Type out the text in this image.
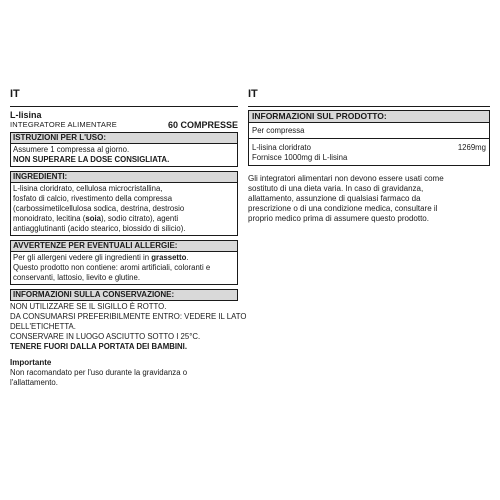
IT
L-lisina
INTEGRATORE ALIMENTARE	60 COMPRESSE
ISTRUZIONI PER L'USO:
Assumere 1 compressa al giorno.
NON SUPERARE LA DOSE CONSIGLIATA.
INGREDIENTI:
L-lisina cloridrato, cellulosa microcristallina,
fosfato di calcio, rivestimento della compressa
(carbossimetilcellulosa sodica, destrina, destrosio
monoidrato, lecitina (soia), sodio citrato), agenti
antiagglutinanti (acido stearico, biossido di silicio).
AVVERTENZE PER EVENTUALI ALLERGIE:
Per gli allergeni vedere gli ingredienti in grassetto.
Questo prodotto non contiene: aromi artificiali, coloranti e
conservanti, lattosio, lievito e glutine.
INFORMAZIONI SULLA CONSERVAZIONE:
NON UTILIZZARE SE IL SIGILLO È ROTTO.
DA CONSUMARSI PREFERIBILMENTE ENTRO: VEDERE IL LATO
DELL'ETICHETTA.
CONSERVARE IN LUOGO ASCIUTTO SOTTO I 25°C.
TENERE FUORI DALLA PORTATA DEI BAMBINI.
Importante
Non racomandato per l'uso durante la gravidanza o
l'allattamento.
IT
INFORMAZIONI SUL PRODOTTO:
Per compressa
L-lisina cloridrato	1269mg
Fornisce 1000mg di L-lisina
Gli integratori alimentari non devono essere usati come
sostituto di una dieta varia. In caso di gravidanza,
allattamento, assunzione di qualsiasi farmaco da
prescrizione o di una condizione medica, consultare il
proprio medico prima di assumere questo prodotto.
